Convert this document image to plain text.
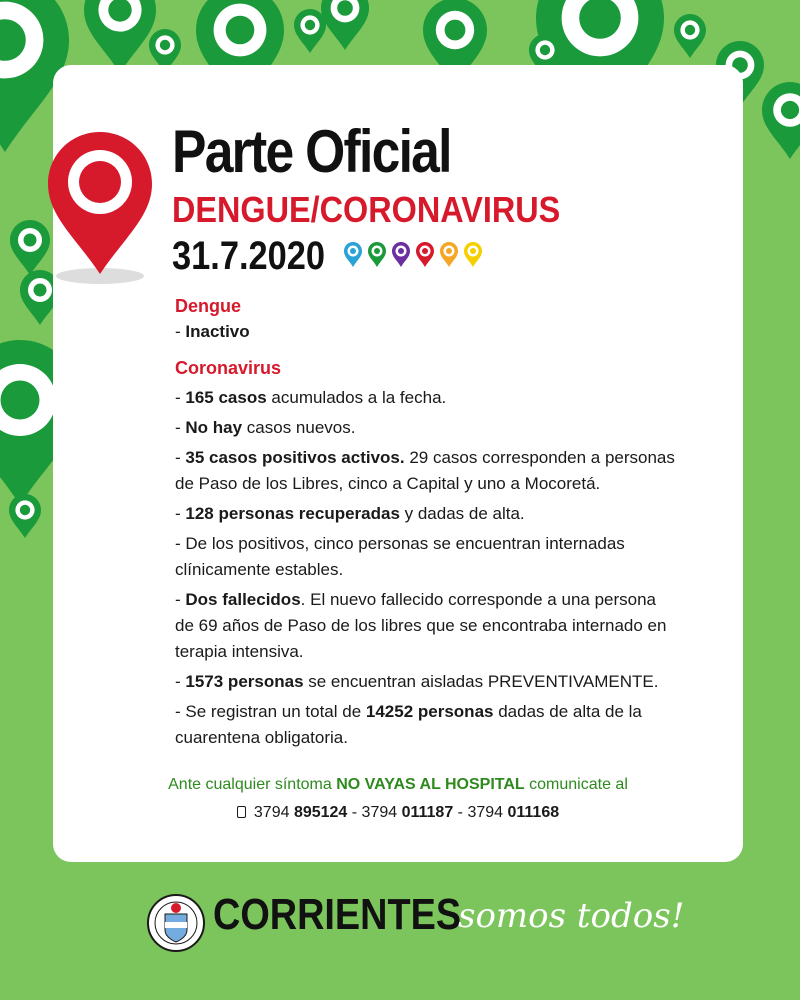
Parte Oficial
DENGUE/CORONAVIRUS
31.7.2020

Dengue

- Inactivo

Coronavirus

- 165 casos acumulados a la fecha.

- No hay casos nuevos.

- 35 casos positivos activos. 29 casos corresponden a personas

de Paso de los Libres, cinco a Capital y uno a Mocoretá.

- 128 personas recuperadas y dadas de alta.

- De los positivos, cinco personas se encuentran internadas

clínicamente estables.

- Dos fallecidos. El nuevo fallecido corresponde a una persona

de 69 años de Paso de los libres que se encontraba internado en

terapia intensiva.

- 1573 personas se encuentran aisladas PREVENTIVAMENTE.

- Se registran un total de 14252 personas dadas de alta de la

cuarentena obligatoria.

Ante cualquier síntoma NO VAYAS AL HOSPITAL comunicate al
3794 895124 - 3794 011187 - 3794 011168
CORRIENTES
somos todos!
